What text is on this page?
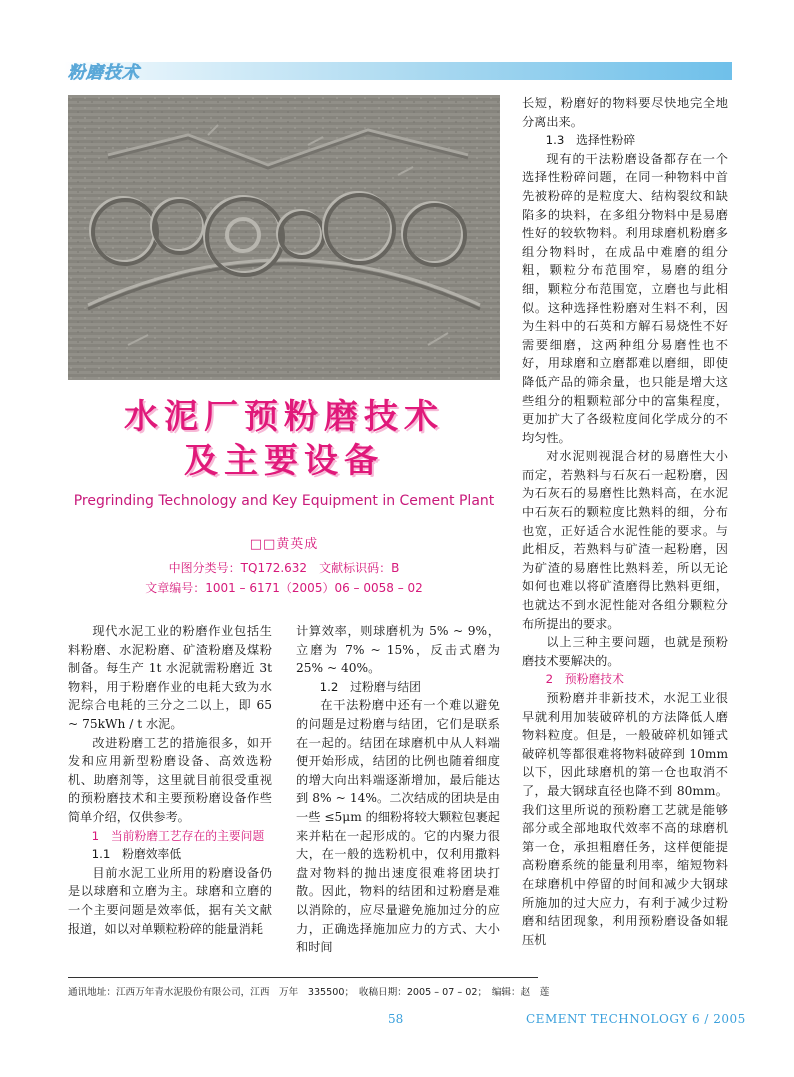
粉磨技术
水泥厂预粉磨技术
及主要设备
Pregrinding Technology and Key Equipment in Cement Plant
□□黄英成
中图分类号：TQ172.632　文献标识码：B
文章编号：1001 – 6171（2005）06 – 0058 – 02

现代水泥工业的粉磨作业包括生料粉磨、水泥粉磨、矿渣粉磨及煤粉制备。每生产 1t 水泥就需粉磨近 3t 物料，用于粉磨作业的电耗大致为水泥综合电耗的三分之二以上，即 65 ~ 75kWh / t 水泥。

改进粉磨工艺的措施很多，如开发和应用新型粉磨设备、高效选粉机、助磨剂等，这里就目前很受重视的预粉磨技术和主要预粉磨设备作些简单介绍，仅供参考。

1　当前粉磨工艺存在的主要问题

1.1　粉磨效率低

目前水泥工业所用的粉磨设备仍是以球磨和立磨为主。球磨和立磨的一个主要问题是效率低，据有关文献报道，如以对单颗粒粉碎的能量消耗

计算效率，则球磨机为 5% ~ 9%，立磨为 7% ~ 15%，反击式磨为 25% ~ 40%。

1.2　过粉磨与结团

在干法粉磨中还有一个难以避免的问题是过粉磨与结团，它们是联系在一起的。结团在球磨机中从人料端便开始形成，结团的比例也随着细度的增大向出料端逐渐增加，最后能达到 8% ~ 14%。二次结成的团块是由一些 ≤5μm 的细粉将较大颗粒包裹起来并粘在一起形成的。它的内聚力很大，在一般的选粉机中，仅利用撒料盘对物料的抛出速度很难将团块打散。因此，物料的结团和过粉磨是难以消除的，应尽量避免施加过分的应力，正确选择施加应力的方式、大小和时间

长短，粉磨好的物料要尽快地完全地分离出来。

1.3　选择性粉碎

现有的干法粉磨设备都存在一个选择性粉碎问题，在同一种物料中首先被粉碎的是粒度大、结构裂纹和缺陷多的块料，在多组分物料中是易磨性好的较软物料。利用球磨机粉磨多组分物料时，在成品中难磨的组分粗，颗粒分布范围窄，易磨的组分细，颗粒分布范围宽，立磨也与此相似。这种选择性粉磨对生料不利，因为生料中的石英和方解石易烧性不好需要细磨，这两种组分易磨性也不好，用球磨和立磨都难以磨细，即使降低产品的筛余量，也只能是增大这些组分的粗颗粒部分中的富集程度，更加扩大了各级粒度间化学成分的不均匀性。

对水泥则视混合材的易磨性大小而定，若熟料与石灰石一起粉磨，因为石灰石的易磨性比熟料高，在水泥中石灰石的颗粒度比熟料的细，分布也宽，正好适合水泥性能的要求。与此相反，若熟料与矿渣一起粉磨，因为矿渣的易磨性比熟料差，所以无论如何也难以将矿渣磨得比熟料更细，也就达不到水泥性能对各组分颗粒分布所提出的要求。

以上三种主要问题，也就是预粉磨技术要解决的。

2　预粉磨技术

预粉磨并非新技术，水泥工业很早就利用加装破碎机的方法降低人磨物料粒度。但是，一般破碎机如锤式破碎机等都很难将物料破碎到 10mm 以下，因此球磨机的第一仓也取消不了，最大钢球直径也降不到 80mm。我们这里所说的预粉磨工艺就是能够部分或全部地取代效率不高的球磨机第一仓，承担粗磨任务，这样便能提高粉磨系统的能量利用率，缩短物料在球磨机中停留的时间和减少大钢球所施加的过大应力，有利于减少过粉磨和结团现象，利用预粉磨设备如辊压机

通讯地址：江西万年青水泥股份有限公司，江西　万年　335500；　收稿日期：2005 – 07 – 02；　编辑：赵　莲
58	CEMENT TECHNOLOGY 6 / 2005
